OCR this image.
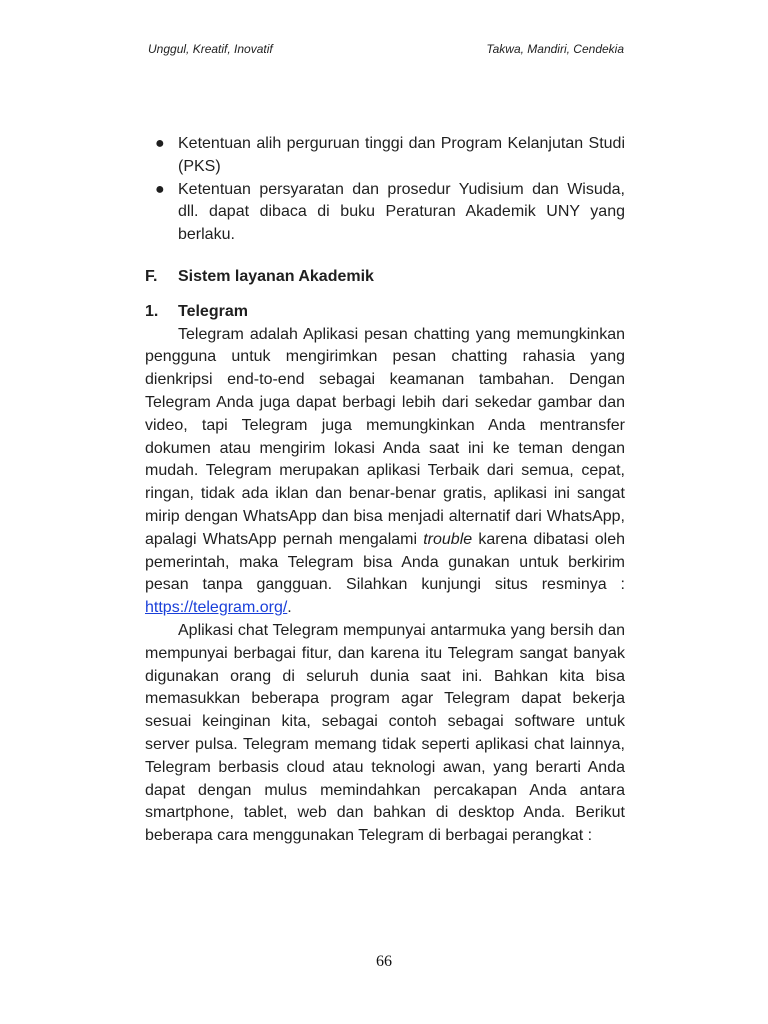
Unggul, Kreatif, Inovatif	Takwa, Mandiri, Cendekia
● Ketentuan alih perguruan tinggi dan Program Kelanjutan Studi (PKS)
● Ketentuan persyaratan dan prosedur Yudisium dan Wisuda, dll. dapat dibaca di buku Peraturan Akademik UNY yang berlaku.
F.	Sistem layanan Akademik
1.	Telegram

Telegram adalah Aplikasi pesan chatting yang memungkinkan pengguna untuk mengirimkan pesan chatting rahasia yang dienkripsi end-to-end sebagai keamanan tambahan. Dengan Telegram Anda juga dapat berbagi lebih dari sekedar gambar dan video, tapi Telegram juga memungkinkan Anda mentransfer dokumen atau mengirim lokasi Anda saat ini ke teman dengan mudah. Telegram merupakan aplikasi Terbaik dari semua, cepat, ringan, tidak ada iklan dan benar-benar gratis, aplikasi ini sangat mirip dengan WhatsApp dan bisa menjadi alternatif dari WhatsApp, apalagi WhatsApp pernah mengalami trouble karena dibatasi oleh pemerintah, maka Telegram bisa Anda gunakan untuk berkirim pesan tanpa gangguan. Silahkan kunjungi situs resminya : https://telegram.org/.

Aplikasi chat Telegram mempunyai antarmuka yang bersih dan mempunyai berbagai fitur, dan karena itu Telegram sangat banyak digunakan orang di seluruh dunia saat ini. Bahkan kita bisa memasukkan beberapa program agar Telegram dapat bekerja sesuai keinginan kita, sebagai contoh sebagai software untuk server pulsa. Telegram memang tidak seperti aplikasi chat lainnya, Telegram berbasis cloud atau teknologi awan, yang berarti Anda dapat dengan mulus memindahkan percakapan Anda antara smartphone, tablet, web dan bahkan di desktop Anda. Berikut beberapa cara menggunakan Telegram di berbagai perangkat :

66
